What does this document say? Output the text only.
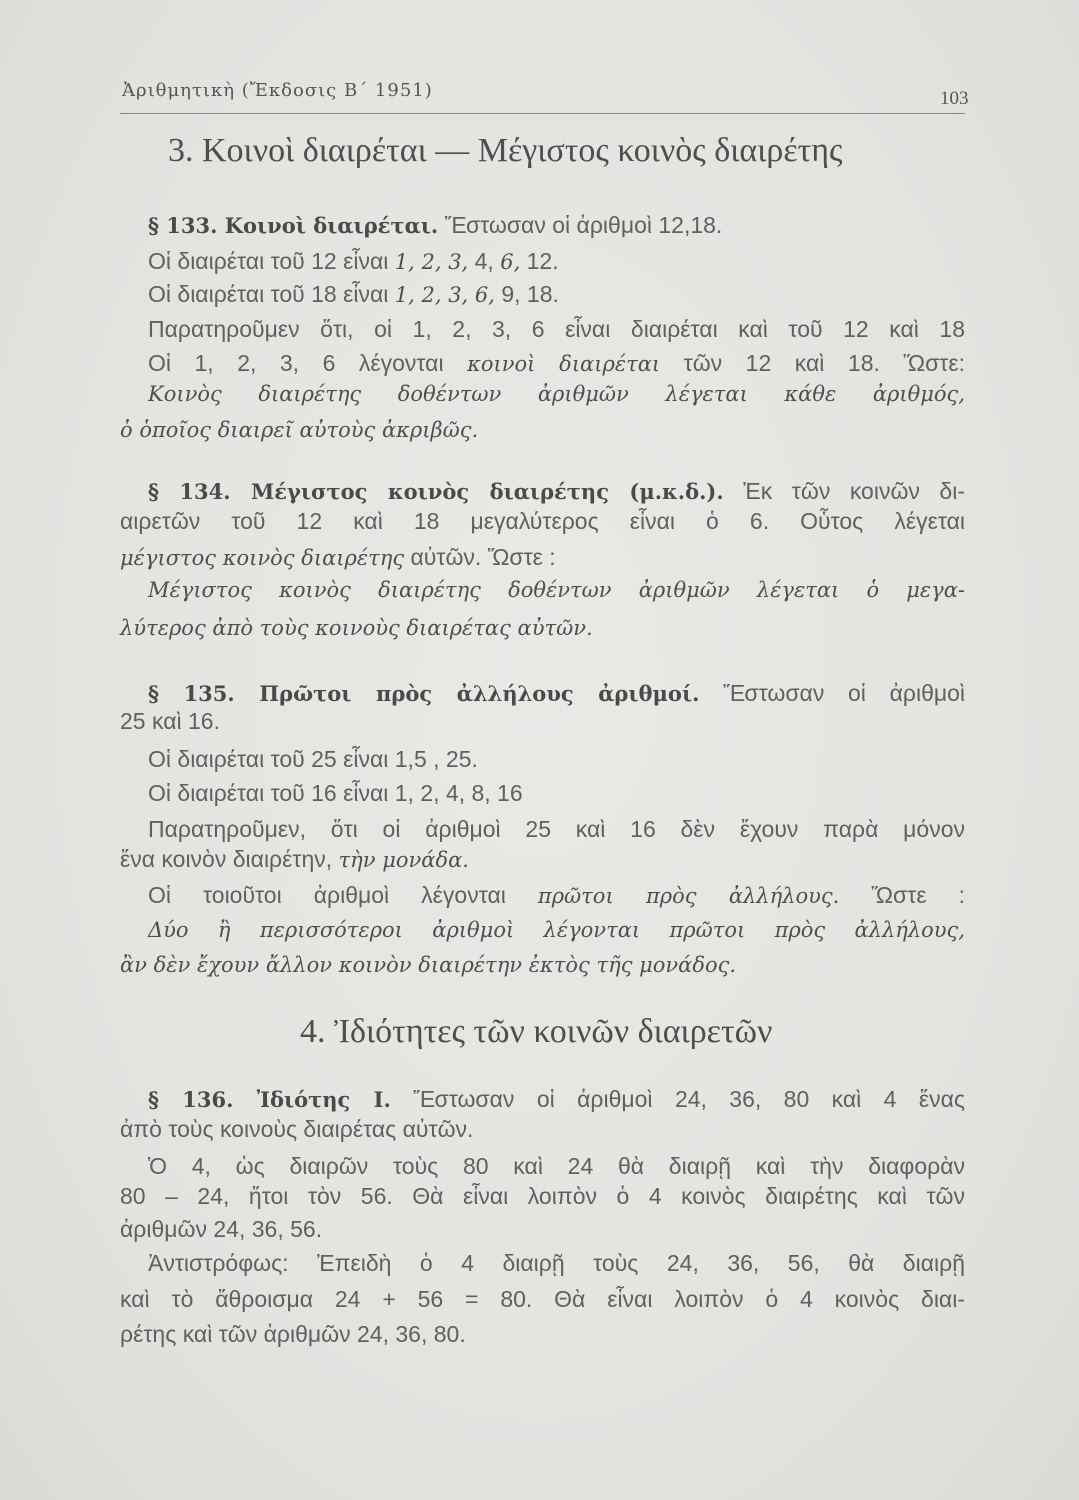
Ἀριθμητικὴ (Ἔκδοσις Β΄ 1951)	103
3. Κοινοὶ διαιρέται — Μέγιστος κοινὸς διαιρέτης
4. Ἰδιότητες τῶν κοινῶν διαιρετῶν
§ 133. Κοινοὶ διαιρέται. Ἔστωσαν οἱ ἀριθμοὶ 12,18.
Οἱ διαιρέται τοῦ 12 εἶναι 1, 2, 3, 4, 6, 12.
Οἱ διαιρέται τοῦ 18 εἶναι 1, 2, 3, 6, 9, 18.
Παρατηροῦμεν ὅτι, οἱ 1, 2, 3, 6 εἶναι διαιρέται καὶ τοῦ 12 καὶ 18
Οἱ 1, 2, 3, 6 λέγονται κοινοὶ διαιρέται τῶν 12 καὶ 18. Ὥστε:
Κοινὸς διαιρέτης δοθέντων ἀριθμῶν λέγεται κάθε ἀριθμός,
ὁ ὁποῖος διαιρεῖ αὐτοὺς ἀκριβῶς.
§ 134. Μέγιστος κοινὸς διαιρέτης (μ.κ.δ.). Ἐκ τῶν κοινῶν δι-
αιρετῶν τοῦ 12 καὶ 18 μεγαλύτερος εἶναι ὁ 6. Οὗτος λέγεται
μέγιστος κοινὸς διαιρέτης αὐτῶν. Ὥστε :
Μέγιστος κοινὸς διαιρέτης δοθέντων ἀριθμῶν λέγεται ὁ μεγα-
λύτερος ἀπὸ τοὺς κοινοὺς διαιρέτας αὐτῶν.
§ 135. Πρῶτοι πρὸς ἀλλήλους ἀριθμοί. Ἔστωσαν οἱ ἀριθμοὶ
25 καὶ 16.
Οἱ διαιρέται τοῦ 25 εἶναι 1,5 , 25.
Οἱ διαιρέται τοῦ 16 εἶναι 1, 2, 4, 8, 16
Παρατηροῦμεν, ὅτι οἱ ἀριθμοὶ 25 καὶ 16 δὲν ἔχουν παρὰ μόνον
ἕνα κοινὸν διαιρέτην, τὴν μονάδα.
Οἱ τοιοῦτοι ἀριθμοὶ λέγονται πρῶτοι πρὸς ἀλλήλους. Ὥστε :
Δύο ἢ περισσότεροι ἀριθμοὶ λέγονται πρῶτοι πρὸς ἀλλήλους,
ἂν δὲν ἔχουν ἄλλον κοινὸν διαιρέτην ἐκτὸς τῆς μονάδος.
§ 136. Ἰδιότης I. Ἔστωσαν οἱ ἀριθμοὶ 24, 36, 80 καὶ 4 ἕνας
ἀπὸ τοὺς κοινοὺς διαιρέτας αὐτῶν.
Ὁ 4, ὡς διαιρῶν τοὺς 80 καὶ 24 θὰ διαιρῇ καὶ τὴν διαφορὰν
80 – 24, ἤτοι τὸν 56. Θὰ εἶναι λοιπὸν ὁ 4 κοινὸς διαιρέτης καὶ τῶν
ἀριθμῶν 24, 36, 56.
Ἀντιστρόφως: Ἐπειδὴ ὁ 4 διαιρῇ τοὺς 24, 36, 56, θὰ διαιρῇ
καὶ τὸ ἄθροισμα 24 + 56 = 80. Θὰ εἶναι λοιπὸν ὁ 4 κοινὸς διαι-
ρέτης καὶ τῶν ἀριθμῶν 24, 36, 80.
